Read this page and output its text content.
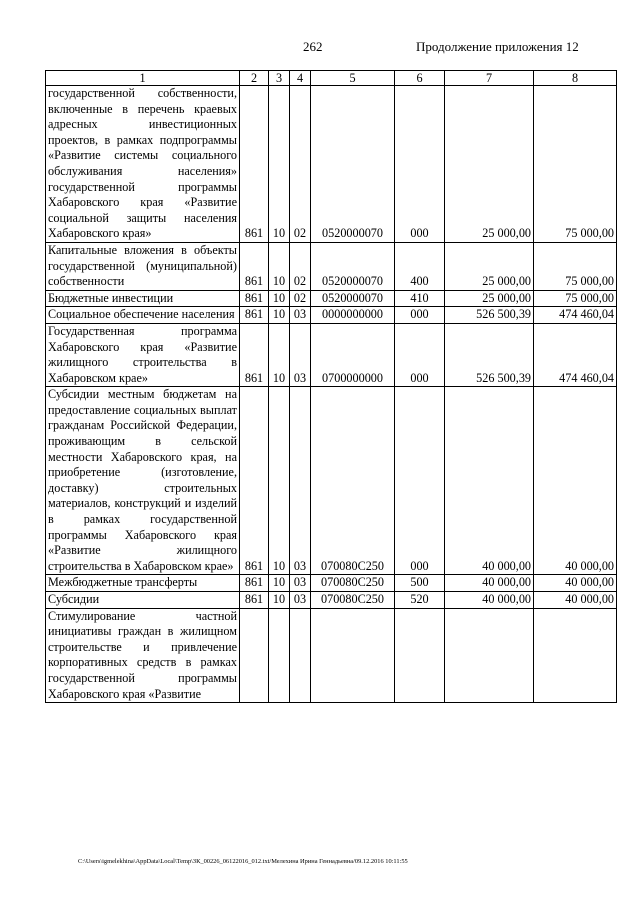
262	Продолжение приложения 12
1	2	3	4	5	6	7	8
государственной собственности, включенные в перечень краевых адресных инвестиционных проектов, в рамках подпрограммы «Развитие системы социального обслуживания населения» государственной программы Хабаровского края «Развитие социальной защиты населения Хабаровского края»	861	10	02	0520000070	000	25 000,00	75 000,00
Капитальные вложения в объекты государственной (муниципальной) собственности	861	10	02	0520000070	400	25 000,00	75 000,00
Бюджетные инвестиции	861	10	02	0520000070	410	25 000,00	75 000,00
Социальное обеспечение населения	861	10	03	0000000000	000	526 500,39	474 460,04
Государственная программа Хабаровского края «Развитие жилищного строительства в Хабаровском крае»	861	10	03	0700000000	000	526 500,39	474 460,04
Субсидии местным бюджетам на предоставление социальных выплат гражданам Российской Федерации, проживающим в сельской местности Хабаровского края, на приобретение (изготовление, доставку) строительных материалов, конструкций и изделий в рамках государственной программы Хабаровского края «Развитие жилищного строительства в Хабаровском крае»	861	10	03	070080С250	000	40 000,00	40 000,00
Межбюджетные трансферты	861	10	03	070080С250	500	40 000,00	40 000,00
Субсидии	861	10	03	070080С250	520	40 000,00	40 000,00
Стимулирование частной инициативы граждан в жилищном строительстве и привлечение корпоративных средств в рамках государственной программы Хабаровского края «Развитие							
C:\Users\igmelekhina\AppData\Local\Temp\ЗК_00226_06122016_012.txt/Мелехина Ирина Геннадьевна/09.12.2016 10:11:55
